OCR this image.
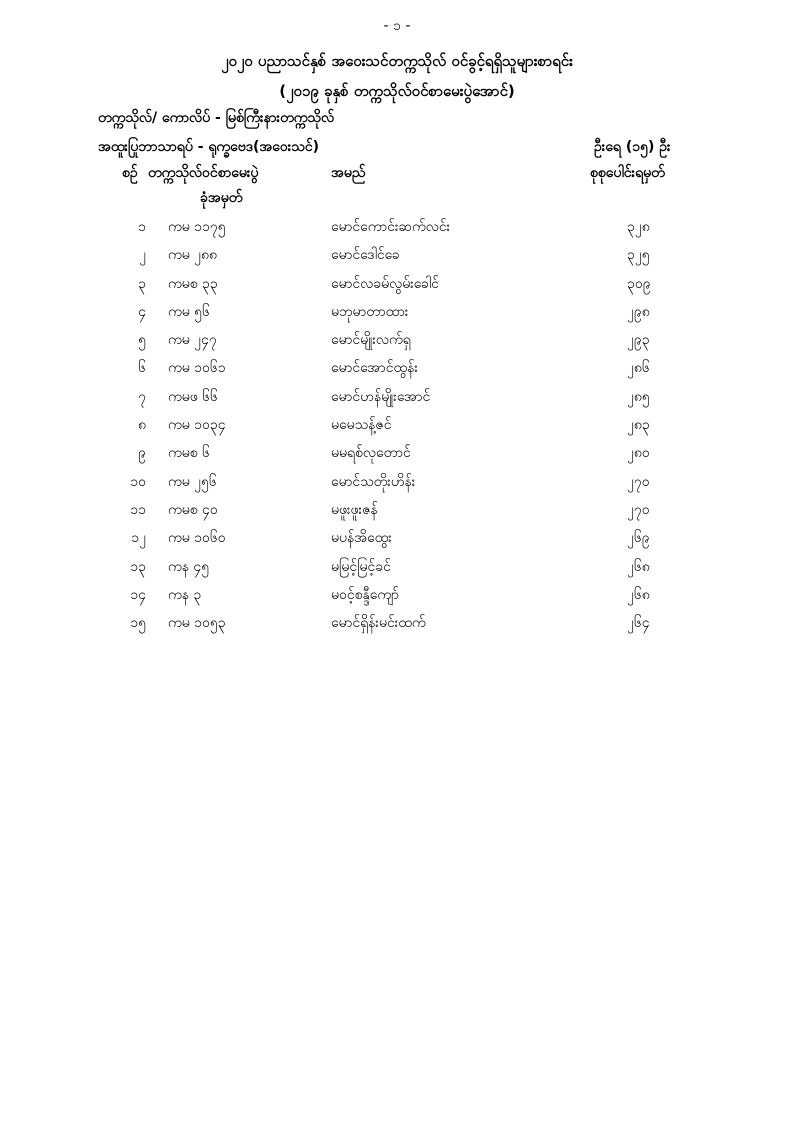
- ၁ -
၂၀၂၀ ပညာသင်နှစ် အဝေးသင်တက္ကသိုလ် ဝင်ခွင့်ရရှိသူများစာရင်း
(၂၀၁၉ ခုနှစ် တက္ကသိုလ်ဝင်စာမေးပွဲအောင်)
တက္ကသိုလ်/ ကောလိပ် - မြစ်ကြီးနားတက္ကသိုလ်
အထူးပြုဘာသာရပ် - ရုက္ခဗေဒ(အဝေးသင်)	ဦးရေ (၁၅) ဦး
စဉ် တက္ကသိုလ်ဝင်စာမေးပွဲ
ခုံအမှတ်
အမည်	စုစုပေါင်းရမှတ်
၁ ကမ ၁၁၇၅	မောင်ကောင်းဆက်လင်း	၃၂၈
၂ ကမ ၂၈၈	မောင်ဒေါင်ခေ	၃၂၅
၃ ကမစ ၃၃	မောင်လခမ်လွမ်းခေါင်	၃၀၉
၄ ကမ ၅၆	မဘုမာတာထား	၂၉၈
၅ ကမ ၂၄၇	မောင်မျိုးလက်ရှ	၂၉၃
၆ ကမ ၁၀၆၁	မောင်အောင်ထွန်း	၂၈၆
၇ ကမဖ ၆၆	မောင်ဟန်မျိုးအောင်	၂၈၅
၈ ကမ ၁၀၃၄	မမေသန့်ဇင်	၂၈၃
၉ ကမစ ၆	မမရစ်လုတောင်	၂၈၀
၁၀ ကမ ၂၅၆	မောင်သတိုးဟိန်း	၂၇၀
၁၁ ကမစ ၄၀	မဖူးဖူးဇန်	၂၇၀
၁၂ ကမ ၁၀၆၀	မပန်အိထွေး	၂၆၉
၁၃ ကန ၄၅	မမြင့်မြင့်ခင်	၂၆၈
၁၄ ကန ၃	မဝင့်စန္ဒီကျော်	၂၆၈
၁၅ ကမ ၁၀၅၃	မောင်ရှိန်းမင်းထက်	၂၆၄
